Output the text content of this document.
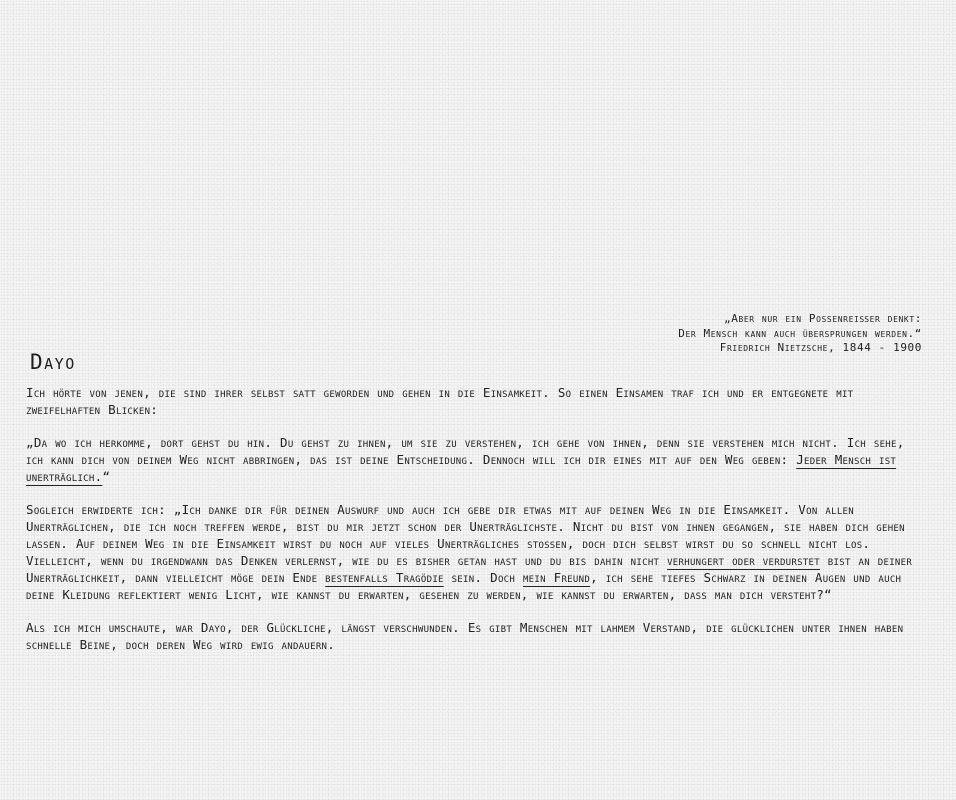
„Aber nur ein Possenreißer denkt:
Der Mensch kann auch übersprungen werden.“
Friedrich Nietzsche, 1844 - 1900
Dayo

Ich hörte von jenen, die sind ihrer selbst satt geworden und gehen in die Einsamkeit. So einen Einsamen traf ich und er entgegnete mit zweifelhaften Blicken:

„Da wo ich herkomme, dort gehst du hin. Du gehst zu ihnen, um sie zu verstehen, ich gehe von ihnen, denn sie verstehen mich nicht. Ich sehe, ich kann dich von deinem Weg nicht abbringen, das ist deine Entscheidung. Dennoch will ich dir eines mit auf den Weg geben: Jeder Mensch ist unerträglich.“

Sogleich erwiderte ich: „Ich danke dir für deinen Auswurf und auch ich gebe dir etwas mit auf deinen Weg in die Einsamkeit. Von allen Unerträglichen, die ich noch treffen werde, bist du mir jetzt schon der Unerträglichste. Nicht du bist von ihnen gegangen, sie haben dich gehen lassen. Auf deinem Weg in die Einsamkeit wirst du noch auf vieles Unerträgliches stoßen, doch dich selbst wirst du so schnell nicht los. Vielleicht, wenn du irgendwann das Denken verlernst, wie du es bisher getan hast und du bis dahin nicht verhungert oder verdurstet bist an deiner Unerträglichkeit, dann vielleicht möge dein Ende bestenfalls Tragödie sein. Doch mein Freund, ich sehe tiefes Schwarz in deinen Augen und auch deine Kleidung reflektiert wenig Licht, wie kannst du erwarten, gesehen zu werden, wie kannst du erwarten, dass man dich versteht?“

Als ich mich umschaute, war Dayo, der Glückliche, längst verschwunden. Es gibt Menschen mit lahmem Verstand, die glücklichen unter ihnen haben schnelle Beine, doch deren Weg wird ewig andauern.
